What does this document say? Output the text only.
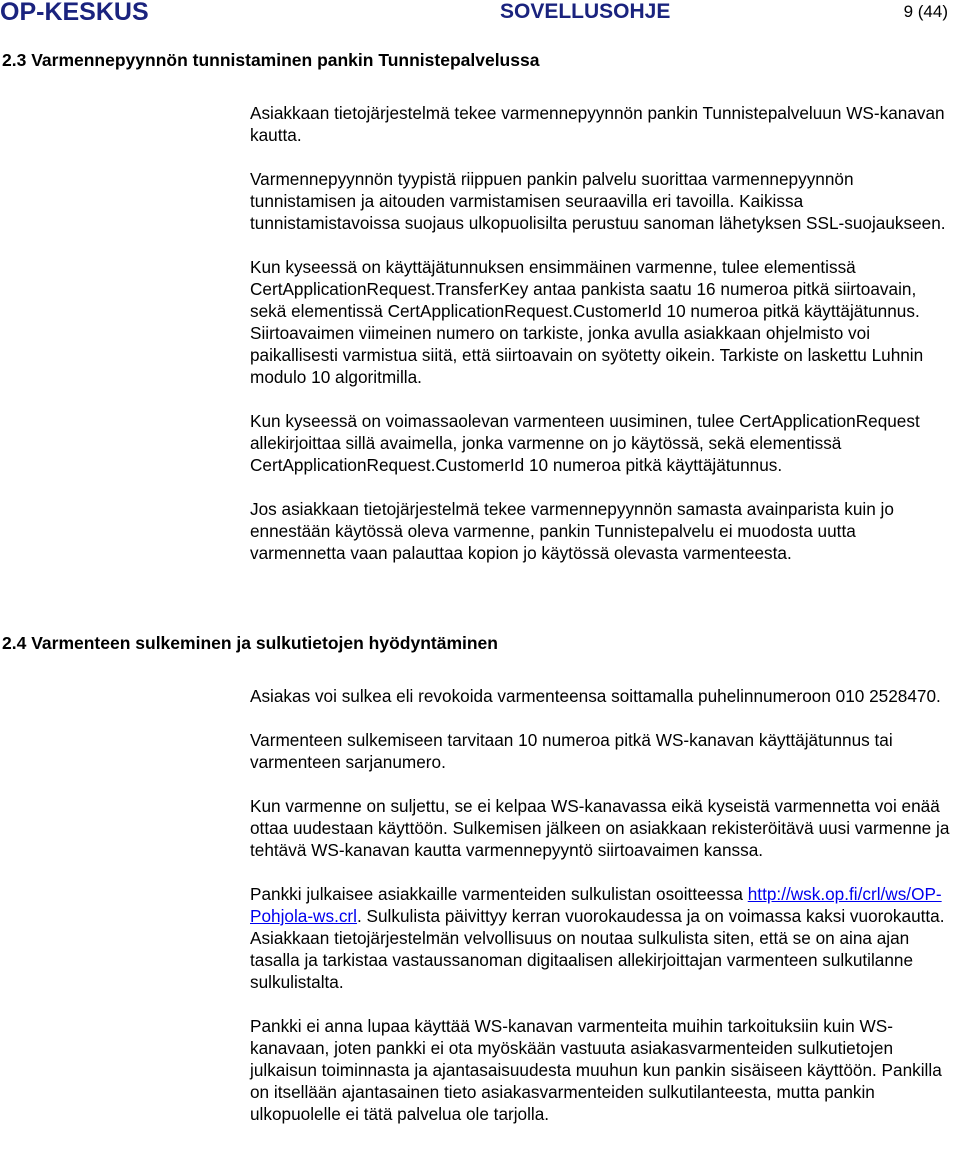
OP-KESKUS	SOVELLUSOHJE	9 (44)
2.3 Varmennepyynnön tunnistaminen pankin Tunnistepalvelussa

Asiakkaan tietojärjestelmä tekee varmennepyynnön pankin Tunnistepalveluun WS-kanavan kautta.

Varmennepyynnön tyypistä riippuen pankin palvelu suorittaa varmennepyynnön tunnistamisen ja aitouden varmistamisen seuraavilla eri tavoilla. Kaikissa tunnistamistavoissa suojaus ulkopuolisilta perustuu sanoman lähetyksen SSL-suojaukseen.

Kun kyseessä on käyttäjätunnuksen ensimmäinen varmenne, tulee elementissä CertApplicationRequest.TransferKey antaa pankista saatu 16 numeroa pitkä siirtoavain, sekä elementissä CertApplicationRequest.CustomerId 10 numeroa pitkä käyttäjätunnus. Siirtoavaimen viimeinen numero on tarkiste, jonka avulla asiakkaan ohjelmisto voi paikallisesti varmistua siitä, että siirtoavain on syötetty oikein. Tarkiste on laskettu Luhnin modulo 10 algoritmilla.

Kun kyseessä on voimassaolevan varmenteen uusiminen, tulee CertApplicationRequest allekirjoittaa sillä avaimella, jonka varmenne on jo käytössä, sekä elementissä CertApplicationRequest.CustomerId 10 numeroa pitkä käyttäjätunnus.

Jos asiakkaan tietojärjestelmä tekee varmennepyynnön samasta avainparista kuin jo ennestään käytössä oleva varmenne, pankin Tunnistepalvelu ei muodosta uutta varmennetta vaan palauttaa kopion jo käytössä olevasta varmenteesta.

2.4 Varmenteen sulkeminen ja sulkutietojen hyödyntäminen

Asiakas voi sulkea eli revokoida varmenteensa soittamalla puhelinnumeroon 010 2528470.

Varmenteen sulkemiseen tarvitaan 10 numeroa pitkä WS-kanavan käyttäjätunnus tai varmenteen sarjanumero.

Kun varmenne on suljettu, se ei kelpaa WS-kanavassa eikä kyseistä varmennetta voi enää ottaa uudestaan käyttöön. Sulkemisen jälkeen on asiakkaan rekisteröitävä uusi varmenne ja tehtävä WS-kanavan kautta varmennepyyntö siirtoavaimen kanssa.

Pankki julkaisee asiakkaille varmenteiden sulkulistan osoitteessa http://wsk.op.fi/crl/ws/OP-Pohjola-ws.crl. Sulkulista päivittyy kerran vuorokaudessa ja on voimassa kaksi vuorokautta. Asiakkaan tietojärjestelmän velvollisuus on noutaa sulkulista siten, että se on aina ajan tasalla ja tarkistaa vastaussanoman digitaalisen allekirjoittajan varmenteen sulkutilanne sulkulistalta.

Pankki ei anna lupaa käyttää WS-kanavan varmenteita muihin tarkoituksiin kuin WS-kanavaan, joten pankki ei ota myöskään vastuuta asiakasvarmenteiden sulkutietojen julkaisun toiminnasta ja ajantasaisuudesta muuhun kun pankin sisäiseen käyttöön. Pankilla on itsellään ajantasainen tieto asiakasvarmenteiden sulkutilanteesta, mutta pankin ulkopuolelle ei tätä palvelua ole tarjolla.
